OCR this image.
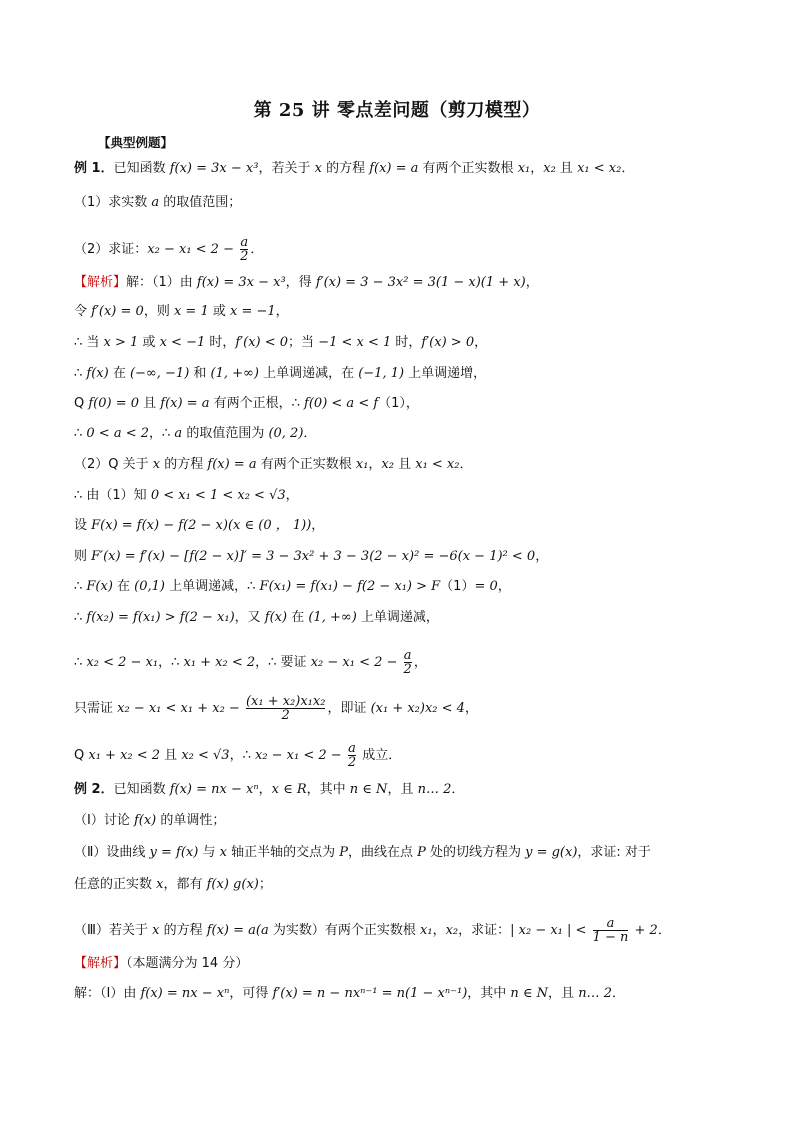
第 25 讲 零点差问题（剪刀模型）
【典型例题】
例 1．已知函数 f(x) = 3x − x³，若关于 x 的方程 f(x) = a 有两个正实数根 x₁，x₂ 且 x₁ < x₂．
（1）求实数 a 的取值范围；
（2）求证：$x_2 - x_1 < 2 - \frac{a}{2}$ ．
【解析】解：（1）由 f(x) = 3x − x³，得 f′(x) = 3 − 3x² = 3(1 − x)(1 + x)，
令 f′(x) = 0，则 x = 1 或 x = −1，
∴ 当 x > 1 或 x < −1 时，f′(x) < 0；当 −1 < x < 1 时，f′(x) > 0，
∴ f(x) 在 (−∞, −1) 和 (1, +∞) 上单调递减，在 (−1, 1) 上单调递增，
Q f(0) = 0 且 f(x) = a 有两个正根，∴ f(0) < a < f（1），
∴ 0 < a < 2，∴ a 的取值范围为 (0, 2)．
（2）Q 关于 x 的方程 f(x) = a 有两个正实数根 x₁，x₂ 且 x₁ < x₂．
∴ 由（1）知 0 < x₁ < 1 < x₂ < √3，
设 F(x) = f(x) − f(2 − x)(x ∈ (0 ， 1))，
则 F′(x) = f′(x) − [f(2 − x)]′ = 3 − 3x² + 3 − 3(2 − x)² = −6(x − 1)² < 0，
∴ F(x) 在 (0,1) 上单调递减，∴ F(x₁) = f(x₁) − f(2 − x₁) > F（1）= 0，
∴ f(x₂) = f(x₁) > f(2 − x₁)，又 f(x) 在 (1, +∞) 上单调递减，
∴ x₂ < 2 − x₁，∴ x₁ + x₂ < 2，∴ 要证 $x_2 - x_1 < 2 - \frac{a}{2}$ ，
只需证 $x_2 - x_1 < x_1 + x_2 - \frac{\text{(x₁ + x₂)x₁x₂}}{2}$ ，即证 (x₁ + x₂)x₂ < 4，
Q x₁ + x₂ < 2 且 x₂ < √3，∴ $x_2 - x_1 < 2 - \frac{a}{2}$ 成立．
例 2．已知函数 f(x) = nx − xⁿ，x ∈ R，其中 n ∈ N，且 n… 2．
（Ⅰ）讨论 f(x) 的单调性；
（Ⅱ）设曲线 y = f(x) 与 x 轴正半轴的交点为 P，曲线在点 P 处的切线方程为 y = g(x)，求证: 对于
任意的正实数 x，都有 f(x) g(x)；
（Ⅲ）若关于 x 的方程 f(x) = a(a 为实数）有两个正实数根 x₁，x₂，求证：| x₂ − x₁ | < $\frac{a}{1 - n} + 2$．
【解析】（本题满分为 14 分）
解：（Ⅰ）由 f(x) = nx − xⁿ，可得 f′(x) = n − nxⁿ⁻¹ = n(1 − xⁿ⁻¹)，其中 n ∈ N，且 n… 2．
